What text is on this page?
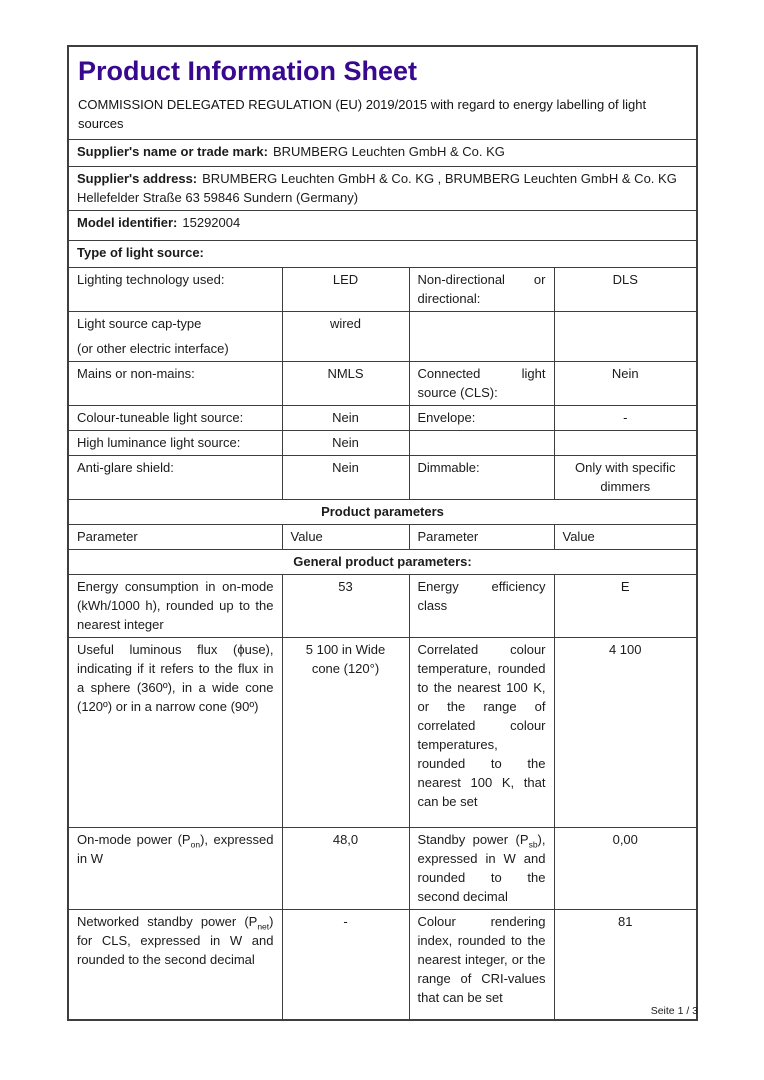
Product Information Sheet
COMMISSION DELEGATED REGULATION (EU) 2019/2015 with regard to energy labelling of light sources			

Supplier's name or trade mark: BRUMBERG Leuchten GmbH & Co. KG			
Supplier's address: BRUMBERG Leuchten GmbH & Co. KG , BRUMBERG Leuchten GmbH & Co. KG Hellefelder Straße 63 59846 Sundern (Germany)			
Model identifier: 15292004			
Type of light source:			
Lighting technology used:	LED	Non-directional or directional:	DLS

Light source cap-type
(or other electric interface)	wired		
Mains or non-mains:	NMLS	Connected light source (CLS):	Nein
Colour-tuneable light source:	Nein	Envelope:	-
High luminance light source:	Nein		
Anti-glare shield:	Nein	Dimmable:	Only with specific dimmers
Product parameters			
Parameter	Value	Parameter	Value
General product parameters:			
Energy consumption in on-mode (kWh/1000 h), rounded up to the nearest integer	53	Energy efficiency class	E
Useful luminous flux (ϕuse), indicating if it refers to the flux in a sphere (360º), in a wide cone (120º) or in a narrow cone (90º)	5 100 in Wide cone (120°)	Correlated colour temperature, rounded to the nearest 100 K, or the range of correlated colour temperatures, rounded to the nearest 100 K, that can be set	4 100
On-mode power $(P_{on})$, expressed in W	48,0	Standby power $(P_{sb})$, expressed in W and rounded to the second decimal	0,00
Networked standby power $(P_{net})$ for CLS, expressed in W and rounded to the second decimal	-	Colour rendering index, rounded to the nearest integer, or the range of CRI-values that can be set	81
Seite 1 / 3
